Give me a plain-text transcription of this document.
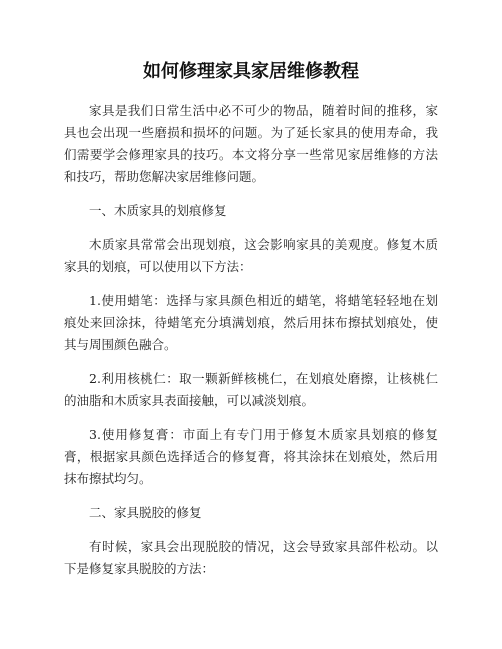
如何修理家具家居维修教程

家具是我们日常生活中必不可少的物品，随着时间的推移，家具也会出现一些磨损和损坏的问题。为了延长家具的使用寿命，我们需要学会修理家具的技巧。本文将分享一些常见家居维修的方法和技巧，帮助您解决家居维修问题。

一、木质家具的划痕修复

木质家具常常会出现划痕，这会影响家具的美观度。修复木质家具的划痕，可以使用以下方法：

1.使用蜡笔：选择与家具颜色相近的蜡笔，将蜡笔轻轻地在划痕处来回涂抹，待蜡笔充分填满划痕，然后用抹布擦拭划痕处，使其与周围颜色融合。

2.利用核桃仁：取一颗新鲜核桃仁，在划痕处磨擦，让核桃仁的油脂和木质家具表面接触，可以减淡划痕。

3.使用修复膏：市面上有专门用于修复木质家具划痕的修复膏，根据家具颜色选择适合的修复膏，将其涂抹在划痕处，然后用抹布擦拭均匀。

二、家具脱胶的修复

有时候，家具会出现脱胶的情况，这会导致家具部件松动。以下是修复家具脱胶的方法：
